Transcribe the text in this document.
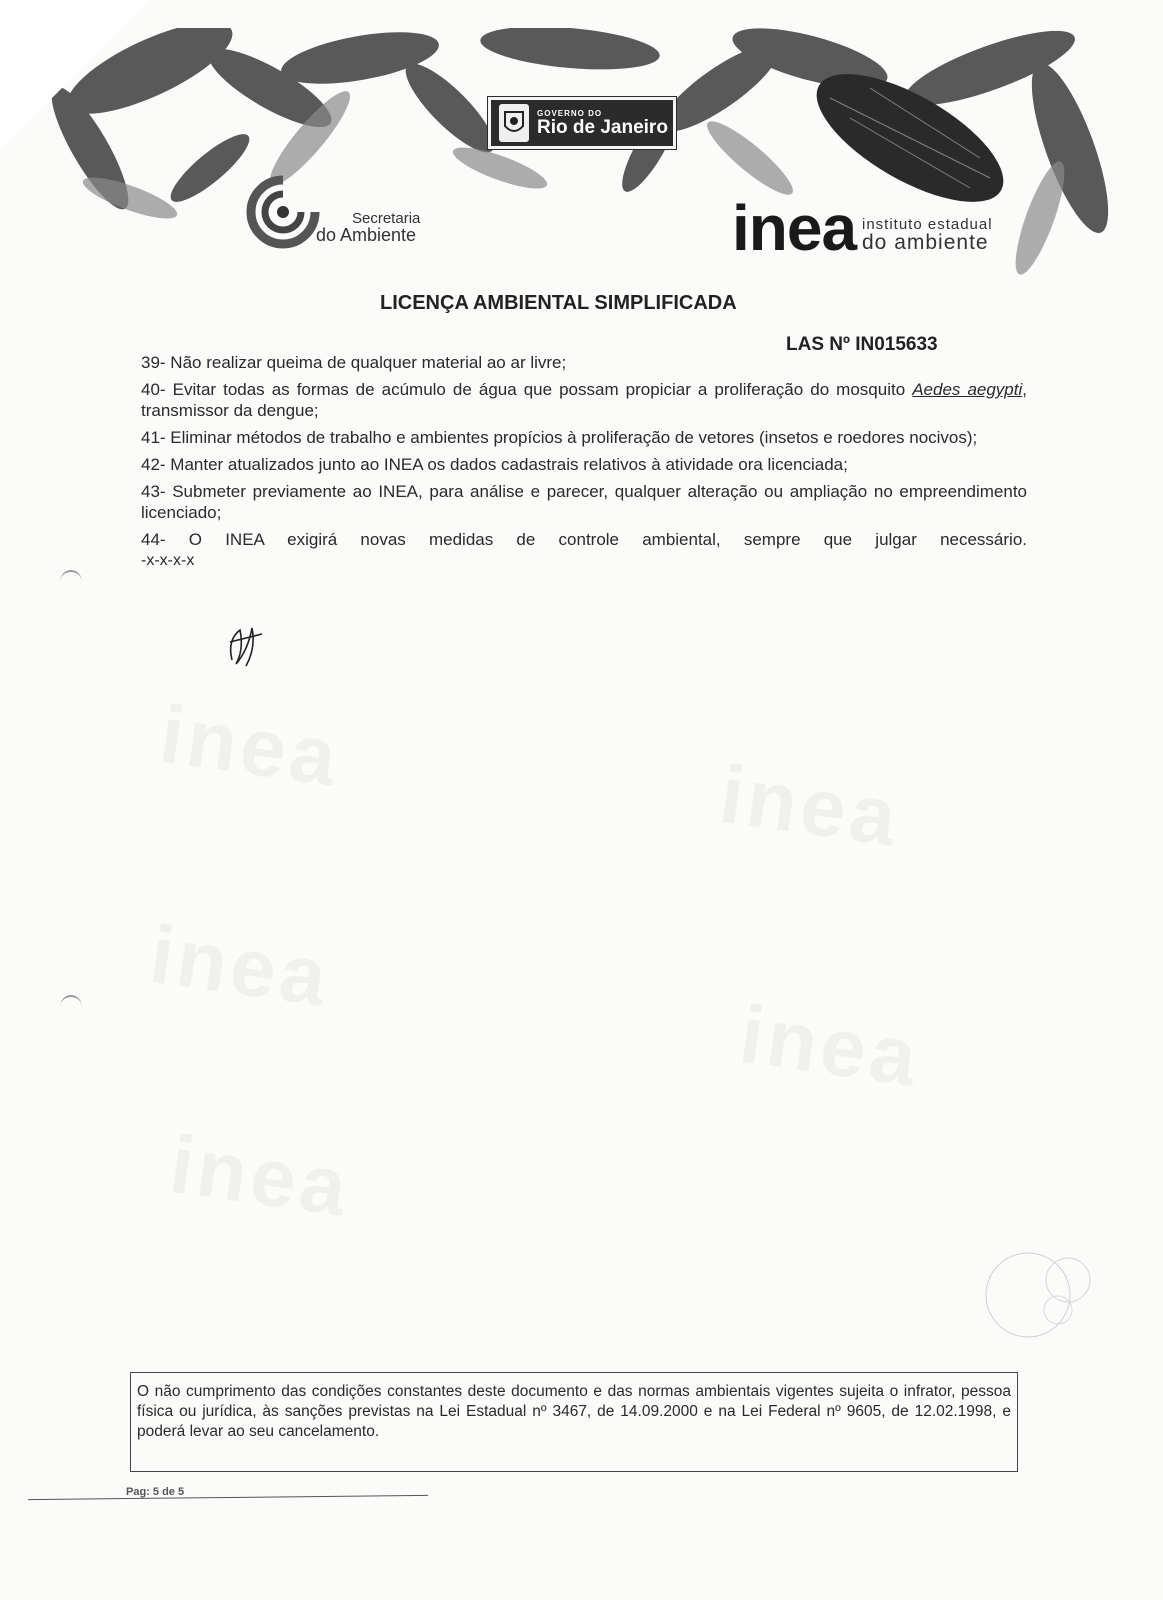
GOVERNO DO
Rio de Janeiro
Secretaria
do Ambiente	inea instituto estadual
do ambiente
LICENÇA AMBIENTAL SIMPLIFICADA
LAS Nº IN015633
39- Não realizar queima de qualquer material ao ar livre;
40- Evitar todas as formas de acúmulo de água que possam propiciar a proliferação do mosquito Aedes aegypti, transmissor da dengue;
41- Eliminar métodos de trabalho e ambientes propícios à proliferação de vetores (insetos e roedores nocivos);
42- Manter atualizados junto ao INEA os dados cadastrais relativos à atividade ora licenciada;
43- Submeter previamente ao INEA, para análise e parecer, qualquer alteração ou ampliação no empreendimento licenciado;
44- O INEA exigirá novas medidas de controle ambiental, sempre que julgar necessário.
-x-x-x-x
O não cumprimento das condições constantes deste documento e das normas ambientais vigentes sujeita o infrator, pessoa física ou jurídica, às sanções previstas na Lei Estadual nº 3467, de 14.09.2000 e na Lei Federal nº 9605, de 12.02.1998, e poderá levar ao seu cancelamento.
Pag: 5 de 5
